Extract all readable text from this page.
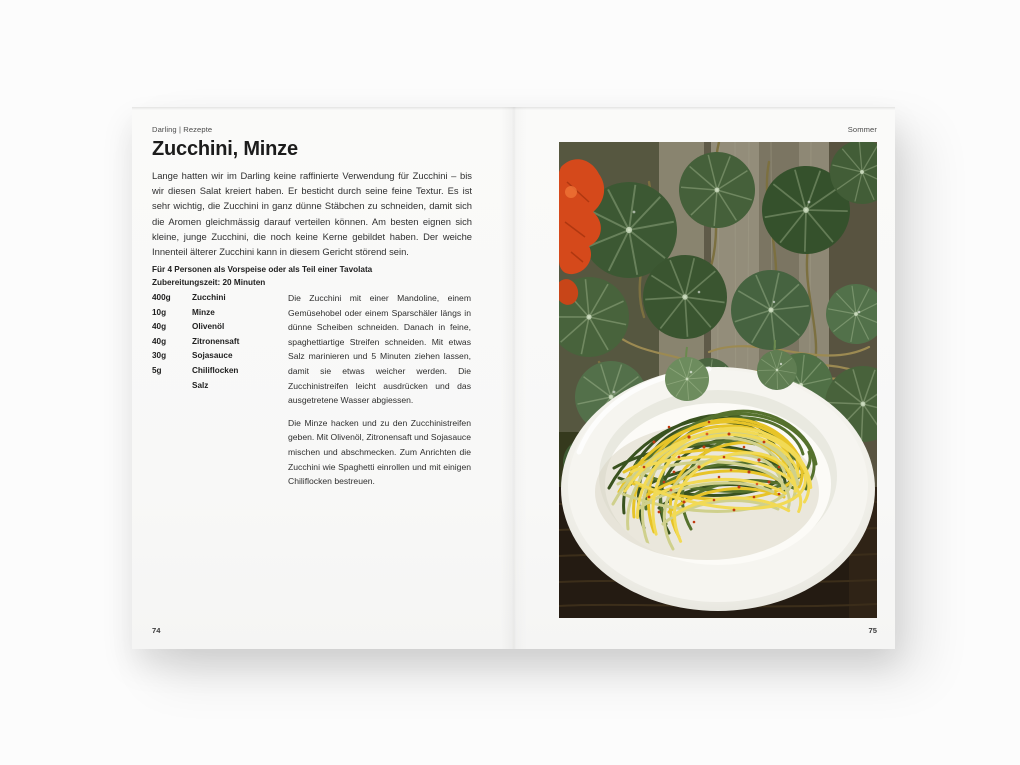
Darling | Rezepte
Zucchini, Minze

Lange hatten wir im Darling keine raffinierte Verwendung für Zucchini – bis wir diesen Salat kreiert haben. Er besticht durch seine feine Textur. Es ist sehr wichtig, die Zucchini in ganz dünne Stäbchen zu schneiden, damit sich die Aromen gleichmässig darauf verteilen können. Am besten eignen sich kleine, junge Zucchini, die noch keine Kerne gebildet haben. Der weiche Innenteil älterer Zucchini kann in diesem Gericht störend sein.

Für 4 Personen als Vorspeise oder als Teil einer Tavolata
Zubereitungszeit: 20 Minuten
400g	Zucchini
10g	Minze
40g	Olivenöl
40g	Zitronensaft
30g	Sojasauce
5g	Chiliflocken
Salz

Die Zucchini mit einer Mandoline, einem Gemüsehobel oder einem Sparschäler längs in dünne Scheiben schneiden. Danach in feine, spaghettiartige Streifen schneiden. Mit etwas Salz marinieren und 5 Minuten ziehen lassen, damit sie etwas weicher werden. Die Zucchinistreifen leicht ausdrücken und das ausgetretene Wasser abgiessen.

Die Minze hacken und zu den Zucchinistreifen geben. Mit Olivenöl, Zitronensaft und Sojasauce mischen und abschmecken. Zum Anrichten die Zucchini wie Spaghetti einrollen und mit einigen Chiliflocken bestreuen.

74
Sommer
75
